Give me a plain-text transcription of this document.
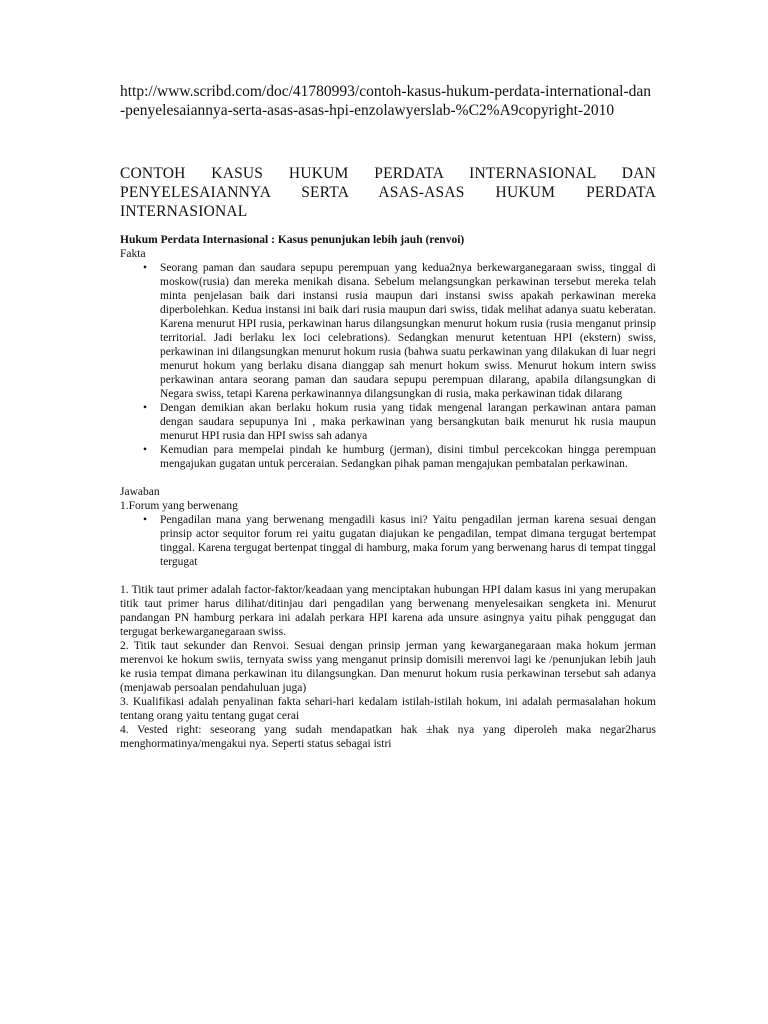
http://www.scribd.com/doc/41780993/contoh-kasus-hukum-perdata-international-dan-penyelesaiannya-serta-asas-asas-hpi-enzolawyerslab-%C2%A9copyright-2010
CONTOH KASUS HUKUM PERDATA INTERNASIONAL DAN PENYELESAIANNYA SERTA ASAS-ASAS HUKUM PERDATA INTERNASIONAL
Hukum Perdata Internasional : Kasus penunjukan lebih jauh (renvoi)
Fakta
• Seorang paman dan saudara sepupu perempuan yang kedua2nya berkewarganegaraan swiss, tinggal di moskow(rusia) dan mereka menikah disana. Sebelum melangsungkan perkawinan tersebut mereka telah minta penjelasan baik dari instansi rusia maupun dari instansi swiss apakah perkawinan mereka diperbolehkan. Kedua instansi ini baik dari rusia maupun dari swiss, tidak melihat adanya suatu keberatan. Karena menurut HPI rusia, perkawinan harus dilangsungkan menurut hokum rusia (rusia menganut prinsip territorial. Jadi berlaku lex loci celebrations). Sedangkan menurut ketentuan HPI (ekstern) swiss, perkawinan ini dilangsungkan menurut hokum rusia (bahwa suatu perkawinan yang dilakukan di luar negri menurut hokum yang berlaku disana dianggap sah menurt hokum swiss. Menurut hokum intern swiss perkawinan antara seorang paman dan saudara sepupu perempuan dilarang, apabila dilangsungkan di Negara swiss, tetapi Karena perkawinannya dilangsungkan di rusia, maka perkawinan tidak dilarang
• Dengan demikian akan berlaku hokum rusia yang tidak mengenal larangan perkawinan antara paman dengan saudara sepupunya Ini , maka perkawinan yang bersangkutan baik menurut hk rusia maupun menurut HPI rusia dan HPI swiss sah adanya
• Kemudian para mempelai pindah ke humburg (jerman), disini timbul percekcokan hingga perempuan mengajukan gugatan untuk perceraian. Sedangkan pihak paman mengajukan pembatalan perkawinan.
Jawaban
1.Forum yang berwenang
• Pengadilan mana yang berwenang mengadili kasus ini? Yaitu pengadilan jerman karena sesuai dengan prinsip actor sequitor forum rei yaitu gugatan diajukan ke pengadilan, tempat dimana tergugat bertempat tinggal. Karena tergugat bertenpat tinggal di hamburg, maka forum yang berwenang harus di tempat tinggal tergugat

1. Titik taut primer adalah factor-faktor/keadaan yang menciptakan hubungan HPI dalam kasus ini yang merupakan titik taut primer harus dilihat/ditinjau dari pengadilan yang berwenang menyelesaikan sengketa ini. Menurut pandangan PN hamburg perkara ini adalah perkara HPI karena ada unsure asingnya yaitu pihak penggugat dan tergugat berkewarganegaraan swiss.

2. Titik taut sekunder dan Renvoi. Sesuai dengan prinsip jerman yang kewarganegaraan maka hokum jerman merenvoi ke hokum swiis, ternyata swiss yang menganut prinsip domisili merenvoi lagi ke /penunjukan lebih jauh ke rusia tempat dimana perkawinan itu dilangsungkan. Dan menurut hokum rusia perkawinan tersebut sah adanya (menjawab persoalan pendahuluan juga)

3. Kualifikasi adalah penyalinan fakta sehari-hari kedalam istilah-istilah hokum, ini adalah permasalahan hokum tentang orang yaitu tentang gugat cerai

4. Vested right: seseorang yang sudah mendapatkan hak ±hak nya yang diperoleh maka negar2harus menghormatinya/mengakui nya. Seperti status sebagai istri
